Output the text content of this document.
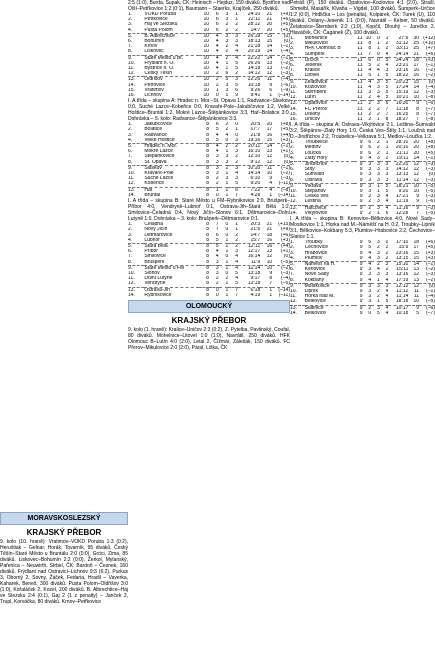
MORAVSKOSLEZSKÝ
KRAJSKÝ PŘEBOR

9. kolo (10. hraně): Vratimov–VOKD Poruba 1:3 (0:2), Heruštiak – Gelnar, Horák, Tovarník, 95 diváků. Český Těšín–Staré Město u Bruntálu 2:0 (0:0), Gröci, Zima, 85 diváků. Liskovec–Bohumín 2:2 (0:0), Žerkol, Mylanský, Pařenica – Neuwirth, Strbel, ČK: Bardoň – Česnek, 160 diváků. Frýdlant nad Ostravicí–Lichnov 9:3 (6:2), Purkus 3, Oborný 2, Sovny, Žáček, Fedaria, Hradil – Vaverka, Kaharek, Beneš, 300 diváků. Pusta Polom–Oldřišov 3:0 (1:0), Kořaláček 2, Kozel, 200 diváků. B. Albrechtice–Háj ve Slezsku 2:4 (0:1), Gaj 2 (1 z penalty) – Janček 2, Trupl, Korváčka, 80 diváků. Krnov–Petřkovice

2:5 (1:0), Burda, Šupak, ČK: Heinisch – Hejduz, 150 diváků. Bystřice nad Olší–Petřkovice 1:2 (0:1), Baumann – Staerks, Krajíček, 250 diváků.

1.	VOKD Poruba	10	6	3	1	24:10	21	(+9)
2.	Petřkovice	10	6	3	1	22:11	21	(+6)
3.	Háj ve Slezsku	10	6	2	2	28:12	20	(+5)
4.	Pustá Polom	10	6	2	2	14:7	20	(+5)
5.	B. Albrechtice	10	4	3	3	26:19	15	(0)
6.	Bohumín	10	4	3	3	18:13	15	(0)
7.	Krnov	10	4	2	4	21:18	14	(–1)
8.	Liskovec	10	4	2	4	20:19	14	(–4)
9.	Staré Město u Br.	10	4	2	4	22:22	14	(–1)
10.	Frýdlant n. O.	10	4	1	5	26:26	13	(–2)
11.	Bystřice n. O.	10	4	1	5	14:18	13	(–2)
12.	Český Těšín	10	2	6	2	14:12	12	(–3)
13.	Oldřišov	10	2	5	3	22:26	11	(–4)
14.	Petrovice	10	2	3	5	10:18	9	(–6)
15.	Vratimov	10	1	3	6	9:26	6	(–9)
16.	Lichnov	10	0	1	9	9:41	1	(–14)

I. A třída – skupina A: Hradec n. Mor.–St. Opava 1:1, Radvance–Slavkov 0:0, Suché Lazce–Kobeřice 0:0, Kravaře-Pole–Jakubčovice 1:2, Velké Hoštice–Bruntál 1:2, Mokré Lazce–Štěpánkovice 3:3, Hať–Bolatice 3:0. Dohrávka – 5. kolo: Radvance–Štěpánkovice 3:3.

1.	Jakubčovice	8	6	2	0	20:5	20	(+8)
2.	Bolatice	8	5	2	1	17:7	17	(+5)
3.	Radvance	8	4	4	0	21:8	16	(+4)
4.	Velké Hoštice	8	5	0	3	19:16	15	(+3)
5.	Hradec n. Mor.	8	4	2	2	20:11	14	(–1)
6.	Mokré Lazce	8	4	1	3	16:10	13	(+1)
7.	Štěpánkovice	8	3	3	2	12:10	12	(0)
8.	St. Opava	8	3	3	2	9:12	12	(0)
9.	Slavkov	8	3	2	3	10:10	11	(–1)
10.	Kravaře-Pole	8	3	1	4	14:14	10	(–2)
11.	Suché Lazce	8	2	3	3	6:10	9	(–3)
12.	Kobeřice	8	2	1	5	9:20	4	(–11)
13.	Hať	8	1	1	6	7:22	4	(–8)
14.	Bruntál	8	0	1	7	4:28	1	(–14)

I. A třída – skupina B: Staré Město u FM–Rybníkovice 2:0, Brušperk–Příbor 4:0, Vendryně–Lubnoř 0:1, Ostrava-Jih–Stará Bělá 1:2, Smilovice–Čeladná 0:4, Nový Jičín–Slonov 6:1, Dětmarovice–Dolní Lutyně 1:0. Dohrávka – 3. kolo: Brušperk–Dětmarovice 0:1.

1.	Čeladná	8	7	0	1	20:3	21	(+15)
2.	Nový Jičín	8	7	0	1	21:6	21	(+9)
3.	Dětmarovice	8	6	0	2	14:7	18	(+6)
4.	Lubnoř	8	5	1	2	15:7	16	(+3)
5.	Stará Bělá	8	5	1	2	12:11	16	(+4)
6.	Příbor	8	4	1	3	12:17	13	(+1)
7.	Smilovice	8	4	0	4	16:14	12	(0)
8.	Brušperk	8	3	1	4	11:9	10	(–5)
9.	Staré Město u FM	8	3	1	4	11:14	10	(–2)
10.	Slonov	8	3	0	5	13:18	9	(–3)
11.	Dolní Lutyně	8	2	2	4	9:17	8	(–4)
12.	Vendryně	8	2	1	5	13:18	7	(–5)
13.	Ostrava-Jih	8	0	1	7	6:18	1	(–14)
14.	Rybníkovice	8	0	1	7	4:19	1	(–11)
OLOMOUCKÝ
KRAJSKÝ PŘEBOR

9. kolo (1. hraně): Kralice–Uničov 2:3 (0:2), Z. Pytelba, Pavlinský, Coufal, 80 diváků. Mohelnice–Litovel 1:0 (1:0), Navrátil, 250 diváků. HFK Olomouc B–Lutín 4:0 (2:0), Letal 2, Čížmár, Zálešák, 150 diváků. FC Přerov–Mikulovice 2:0 (2:0), Páral, Liška, ČK

Petráš (P), 150 diváků. Opatovice–Kozlovice 4:1 (2:0), Strašl, Shmelbl, Masařík, Klvaňa – Vigdel, 100 diváků. Šumperk–Určice 1:2 (0:0), Hrdlička – Los (penalta), Kolpárek, ČK: Turek (U), 110 diváků. Dolany–Jeseník 1:1 (0:0), Navrátil – Kelner, 50 diváků. Želatovice–Šternberk 2:2 (1:0), Kopčil, Dlouhý – Jurečko 2, Hlaváček, ČK: Čagánek (Ž), 100 diváků.

1.	Mohelnice	11	10	0	1	27:9	30	(+12)
2.	Mikulovice	11	8	1	2	31:12	25	(+10)
3.	HFK Olomouc B	11	8	1	2	33:11	25	(+7)
4.	Šumperk	11	7	0	4	24:14	21	(+6)
5.	Určice	11	6	0	5	34:24	18	(+3)
6.	Jeseník	11	5	2	4	23:21	17	(–1)
7.	Kralice	11	4	4	3	23:16	16	(–2)
8.	Litovel	11	5	1	5	18:22	16	(–2)
9.	Želatovice	11	4	3	5	20:23	15	(0)
10.	Kozlovice	11	4	3	5	17:24	14	(–4)
11.	Šternberk	11	3	3	5	15:19	12	(–3)
12.	Lutín	11	2	4	5	10:21	10	(–8)
13.	Opatovice	11	2	3	6	16:30	9	(–6)
14.	FC Přerov	11	2	2	7	11:18	8	(–7)
15.	Dolany	11	2	2	7	16:25	8	(–7)
16.	Uničov	11	2	1	8	18:27	7	(–8)

I. A třída – skupina A: Ostrava–Vlkýtovice 2:1, Leština–Šumvald 3:2, Štěpánov–Zlatý Hory 1:0, Česká Ves–Štíty 1:1, Loučná nad D.–Jindřichov 2:2, Troubelice–Velkrava 5:1, Medlov–Loučka 1:2.

1.	Troubelice	9	6	2	1	28:10	20	(+8)
2.	Medlov	9	6	2	1	20:10	20	(+8)
3.	Loučka	9	6	2	1	21:11	20	(+5)
4.	Zlatý Hory	9	4	3	2	19:11	14	(–1)
5.	Jindřichov	9	3	3	3	22:20	12	(–3)
6.	Štíty	9	3	3	3	14:12	12	(–3)
7.	Šumvald	9	3	3	3	13:13	12	(0)
8.	Ostrava	9	3	3	3	11:14	12	(–3)
9.	Vlkrava	9	3	1	5	18:21	10	(–5)
10.	Štěpánov	9	3	1	5	9:20	10	(–5)
11.	Česká Ves	9	2	3	4	17:21	9	(–3)
12.	Leština	9	2	3	4	11:19	9	(–6)
13.	Hatčovice	9	2	3	4	11:16	9	(–3)
14.	Vlkýtovice	9	2	1	6	12:28	7	(–5)

I. A třída – skupina B: Kenovice–Bělkovice 4:0, Nové Sady–Mostkovice 1:1, Horka nad M.–Náměšť na H. 0:2, Troubky–Lipník 3:1, Bělkovice–Kokbany 5:3, Plumlov–Hrabovice 2:2, Čechovice–Slatice 1:1.

1.	Troubky	9	6	3	0	17:10	18	(+6)
2.	Čechovice	9	5	2	2	15:9	17	(+5)
3.	Hrabovice	9	4	3	2	23:16	15	(+3)
4.	Plumlov	9	4	3	2	13:15	15	(+3)
5.	Náměšť na H.	9	4	2	3	15:10	14	(–1)
6.	Kenovice	9	3	4	2	15:11	13	(–2)
7.	Nové Sady	9	3	3	3	13:16	12	(–3)
8.	Kokbany	9	4	1	4	17:19	13	(–2)
9.	Mostkovice	9	3	3	3	12:12	12	(0)
10.	Lipník	9	3	2	4	11:12	11	(–1)
11.	Horka nad M.	9	3	2	4	11:14	11	(–4)
12.	Bělkovice	9	3	1	5	18:18	10	(–5)
13.	Slatinice	9	2	3	4	10:17	9	(–6)
14.	Bělkovice	9	0	5	4	10:18	5	(–7)
